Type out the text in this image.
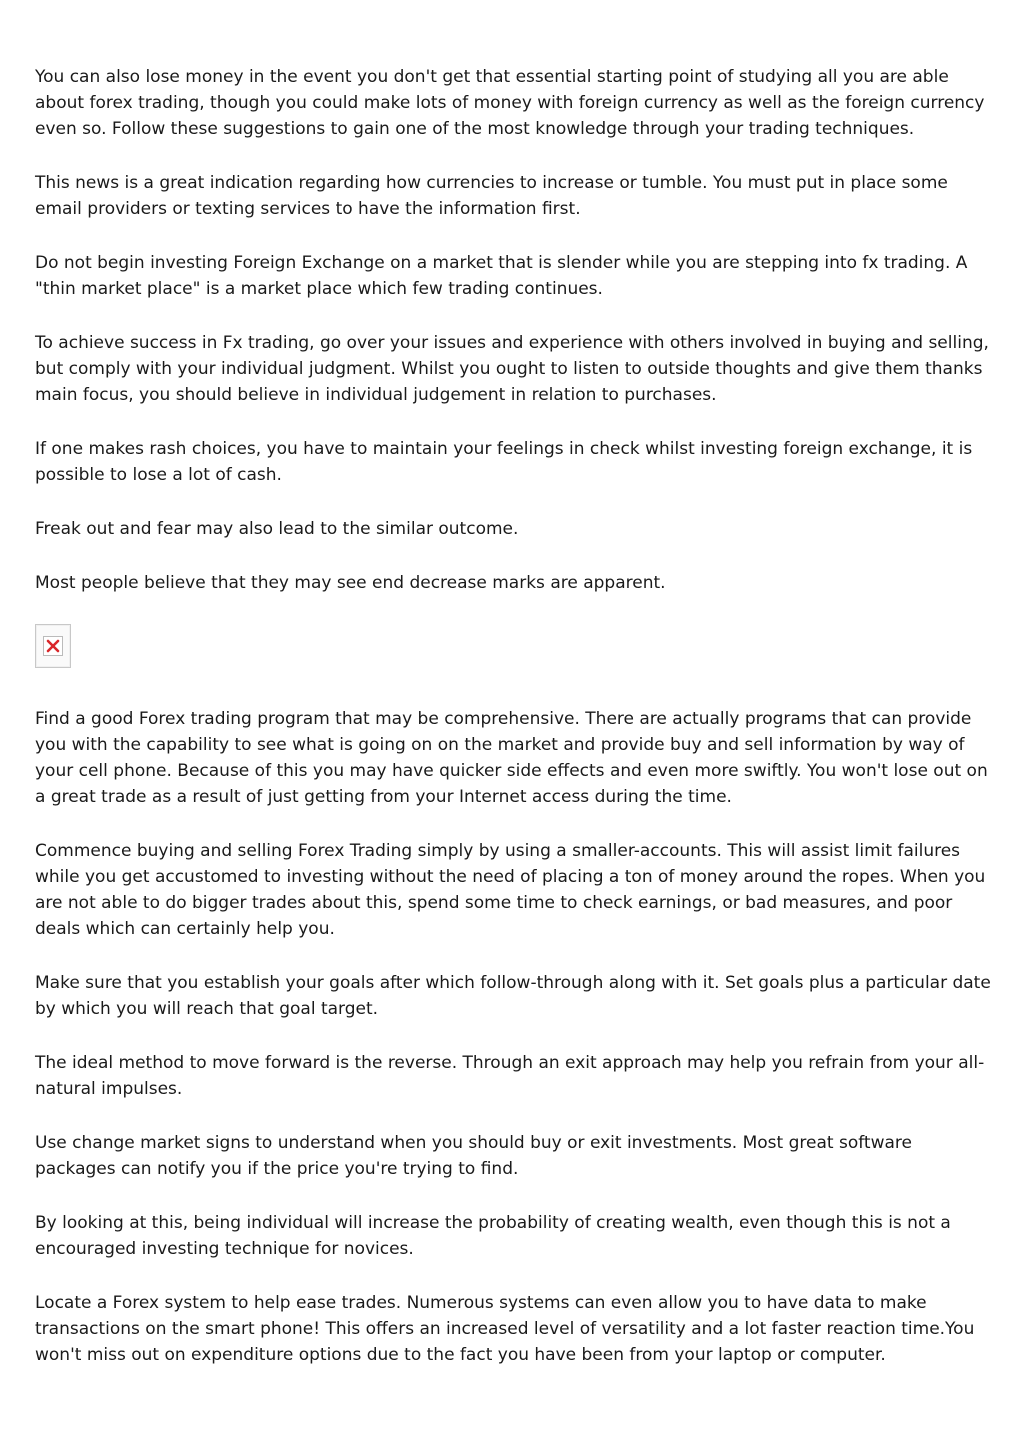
You can also lose money in the event you don't get that essential starting point of studying all you are able about forex trading, though you could make lots of money with foreign currency as well as the foreign currency even so. Follow these suggestions to gain one of the most knowledge through your trading techniques.

This news is a great indication regarding how currencies to increase or tumble. You must put in place some email providers or texting services to have the information first.

Do not begin investing Foreign Exchange on a market that is slender while you are stepping into fx trading. A "thin market place" is a market place which few trading continues.

To achieve success in Fx trading, go over your issues and experience with others involved in buying and selling, but comply with your individual judgment. Whilst you ought to listen to outside thoughts and give them thanks main focus, you should believe in individual judgement in relation to purchases.

If one makes rash choices, you have to maintain your feelings in check whilst investing foreign exchange, it is possible to lose a lot of cash.

Freak out and fear may also lead to the similar outcome.

Most people believe that they may see end decrease marks are apparent.

Find a good Forex trading program that may be comprehensive. There are actually programs that can provide you with the capability to see what is going on on the market and provide buy and sell information by way of your cell phone. Because of this you may have quicker side effects and even more swiftly. You won't lose out on a great trade as a result of just getting from your Internet access during the time.

Commence buying and selling Forex Trading simply by using a smaller-accounts. This will assist limit failures while you get accustomed to investing without the need of placing a ton of money around the ropes. When you are not able to do bigger trades about this, spend some time to check earnings, or bad measures, and poor deals which can certainly help you.

Make sure that you establish your goals after which follow-through along with it. Set goals plus a particular date by which you will reach that goal target.

The ideal method to move forward is the reverse. Through an exit approach may help you refrain from your all-natural impulses.

Use change market signs to understand when you should buy or exit investments. Most great software packages can notify you if the price you're trying to find.

By looking at this, being individual will increase the probability of creating wealth, even though this is not a encouraged investing technique for novices.

Locate a Forex system to help ease trades. Numerous systems can even allow you to have data to make transactions on the smart phone! This offers an increased level of versatility and a lot faster reaction time.You won't miss out on expenditure options due to the fact you have been from your laptop or computer.
